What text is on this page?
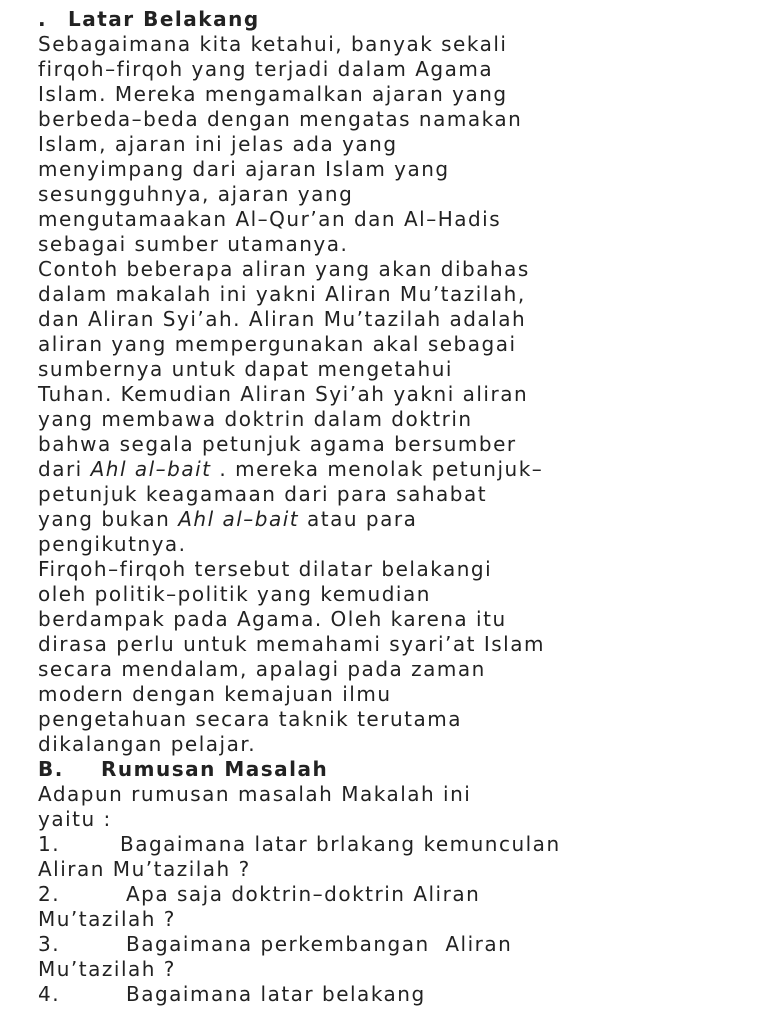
.	Latar Belakang
Sebagaimana kita ketahui, banyak sekali
firqoh–firqoh yang terjadi dalam Agama
Islam. Mereka mengamalkan ajaran yang
berbeda–beda dengan mengatas namakan
Islam, ajaran ini jelas ada yang
menyimpang dari ajaran Islam yang
sesungguhnya, ajaran yang
mengutamaakan Al–Qur’an dan Al–Hadis
sebagai sumber utamanya.
Contoh beberapa aliran yang akan dibahas
dalam makalah ini yakni Aliran Mu’tazilah,
dan Aliran Syi’ah. Aliran Mu’tazilah adalah
aliran yang mempergunakan akal sebagai
sumbernya untuk dapat mengetahui
Tuhan. Kemudian Aliran Syi’ah yakni aliran
yang membawa doktrin dalam doktrin
bahwa segala petunjuk agama bersumber
dari Ahl al–bait . mereka menolak petunjuk–
petunjuk keagamaan dari para sahabat
yang bukan Ahl al–bait atau para
pengikutnya.
Firqoh–firqoh tersebut dilatar belakangi
oleh politik–politik yang kemudian
berdampak pada Agama. Oleh karena itu
dirasa perlu untuk memahami syari’at Islam
secara mendalam, apalagi pada zaman
modern dengan kemajuan ilmu
pengetahuan secara taknik terutama
dikalangan pelajar.
B.	Rumusan Masalah
Adapun rumusan masalah Makalah ini
yaitu :
1.	Bagaimana latar brlakang kemunculan
Aliran Mu’tazilah ?
2.	Apa saja doktrin–doktrin Aliran
Mu’tazilah ?
3.	Bagaimana perkembangan  Aliran
Mu’tazilah ?
4.	Bagaimana latar belakang
